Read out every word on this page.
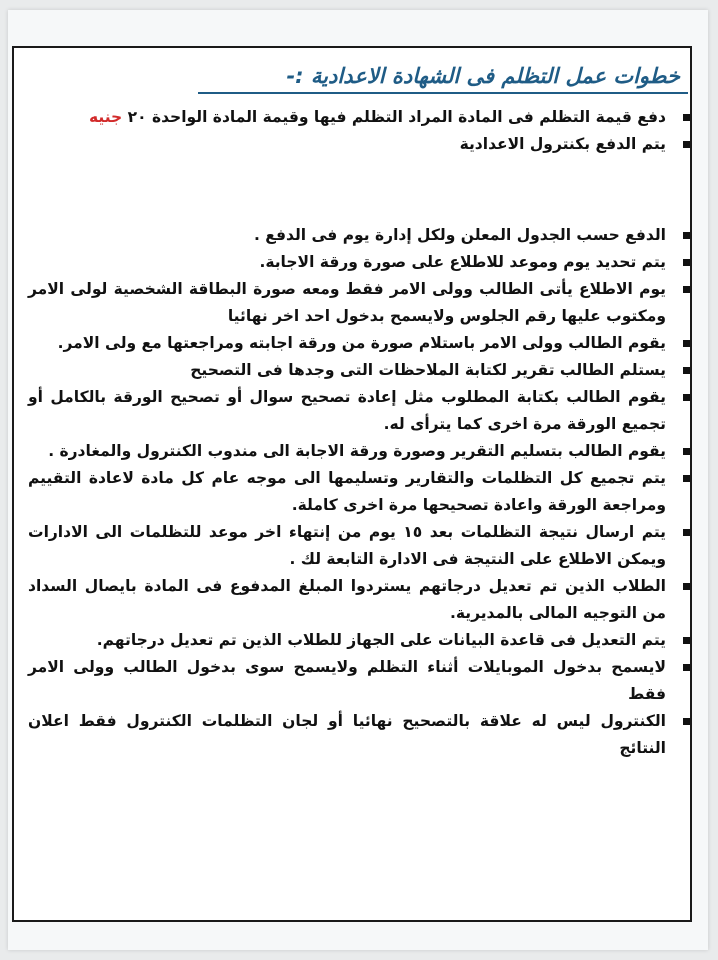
خطوات عمل التظلم فى الشهادة الاعدادية :-
دفع قيمة التظلم فى المادة المراد التظلم فيها وقيمة المادة الواحدة ٢٠ جنيه
يتم الدفع بكنترول الاعدادية
الدفع حسب الجدول المعلن ولكل إدارة يوم فى الدفع .
يتم تحديد يوم وموعد للاطلاع على صورة ورقة الاجابة.
يوم الاطلاع يأتى الطالب وولى الامر فقط ومعه صورة البطاقة الشخصية لولى الامر ومكتوب عليها رقم الجلوس ولايسمح بدخول احد اخر نهائيا
يقوم الطالب وولى الامر باستلام صورة من ورقة اجابته ومراجعتها مع ولى الامر.
يستلم الطالب تقرير لكتابة الملاحظات التى وجدها فى التصحيح
يقوم الطالب بكتابة المطلوب مثل إعادة تصحيح سوال أو تصحيح الورقة بالكامل أو تجميع الورقة مرة اخرى كما يترأى له.
يقوم الطالب بتسليم التقرير وصورة ورقة الاجابة الى مندوب الكنترول والمغادرة .
يتم تجميع كل التظلمات والتقارير وتسليمها الى موجه عام كل مادة لاعادة التقييم ومراجعة الورقة واعادة تصحيحها مرة اخرى كاملة.
يتم ارسال نتيجة التظلمات بعد ١٥ يوم من إنتهاء اخر موعد للتظلمات الى الادارات ويمكن الاطلاع على النتيجة فى الادارة التابعة لك .
الطلاب الذين تم تعديل درجاتهم يستردوا المبلغ المدفوع فى المادة بايصال السداد من التوجيه المالى بالمديرية.
يتم التعديل فى قاعدة البيانات على الجهاز للطلاب الذين تم تعديل درجاتهم.
لايسمح بدخول الموبايلات أثناء التظلم ولايسمح سوى بدخول الطالب وولى الامر فقط
الكنترول ليس له علاقة بالتصحيح نهائيا أو لجان التظلمات الكنترول فقط اعلان النتائج
